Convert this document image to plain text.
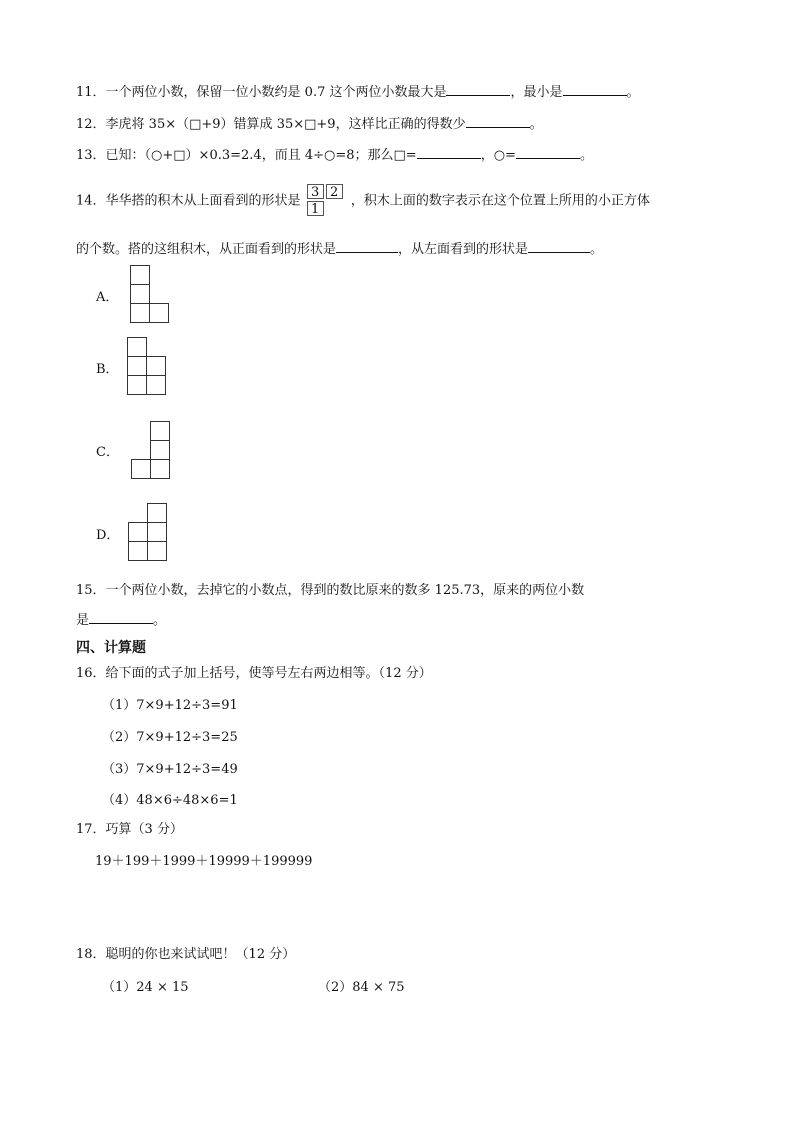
11．一个两位小数，保留一位小数约是 0.7 这个两位小数最大是	，最小是	。
12．李虎将 35×（□+9）错算成 35×□+9，这样比正确的得数少	。
13．已知：（○+□）×0.3=2.4，而且 4÷○=8；那么□=	，○=	。
14．华华搭的积木从上面看到的形状是
3 2
1
，积木上面的数字表示在这个位置上所用的小正方体
的个数。搭的这组积木，从正面看到的形状是	，从左面看到的形状是	。
A．
B．
C．
D．
15．一个两位小数，去掉它的小数点，得到的数比原来的数多 125.73，原来的两位小数
是	。
四、计算题
16．给下面的式子加上括号，使等号左右两边相等。（12 分）
（1）7×9+12÷3=91
（2）7×9+12÷3=25
（3）7×9+12÷3=49
（4）48×6÷48×6=1
17．巧算（3 分）
19＋199＋1999＋19999＋199999
18．聪明的你也来试试吧！（12 分）
（1）24 × 15	（2）84 × 75
